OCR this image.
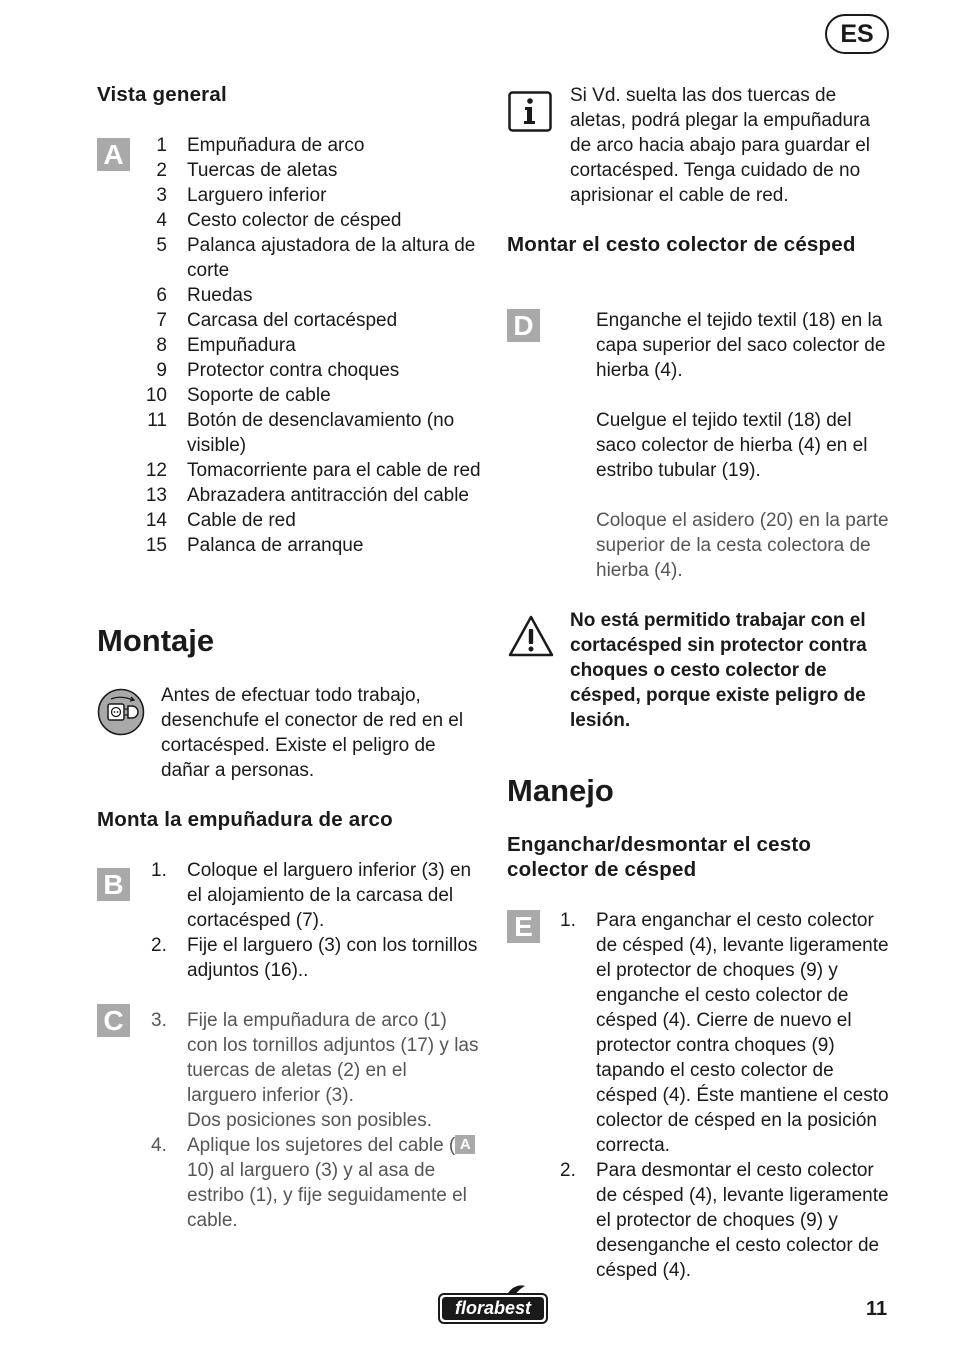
ES
Vista general
A	1 Empuñadura de arco
2 Tuercas de aletas
3 Larguero inferior
4 Cesto colector de césped
5 Palanca ajustadora de la altura de corte
6 Ruedas
7 Carcasa del cortacésped
8 Empuñadura
9 Protector contra choques
10 Soporte de cable
11 Botón de desenclavamiento (no visible)
12 Tomacorriente para el cable de red
13 Abrazadera antitracción del cable
14 Cable de red
15 Palanca de arranque
Montaje
Antes de efectuar todo trabajo, desenchufe el conector de red en el cortacésped. Existe el peligro de dañar a personas.
Monta la empuñadura de arco
B	1. Coloque el larguero inferior (3) en el alojamiento de la carcasa del cortacésped (7).
2. Fije el larguero (3) con los tornillos adjuntos (16)..
C	3. Fije la empuñadura de arco (1) con los tornillos adjuntos (17) y las tuercas de aletas (2) en el larguero inferior (3).
Dos posiciones son posibles.
4. Aplique los sujetores del cable ( A10) al larguero (3) y al asa de estribo (1), y fije seguidamente el cable.
Si Vd. suelta las dos tuercas de aletas, podrá plegar la empuñadura de arco hacia abajo para guardar el cortacésped. Tenga cuidado de no aprisionar el cable de red.
Montar el cesto colector de césped
D	Enganche el tejido textil (18) en la capa superior del saco colector de hierba (4).
Cuelgue el tejido textil (18) del saco colector de hierba (4) en el estribo tubular (19).
Coloque el asidero (20) en la parte superior de la cesta colectora de hierba (4).
No está permitido trabajar con el cortacésped sin protector contra choques o cesto colector de césped, porque existe peligro de lesión.
Manejo
Enganchar/desmontar el cesto colector de césped
E	1. Para enganchar el cesto colector de césped (4), levante ligeramente el protector de choques (9) y enganche el cesto colector de césped (4). Cierre de nuevo el protector contra choques (9) tapando el cesto colector de césped (4). Éste mantiene el cesto colector de césped en la posición correcta.
2. Para desmontar el cesto colector de césped (4), levante ligeramente el protector de choques (9) y desenganche el cesto colector de césped (4).
florabest	11
